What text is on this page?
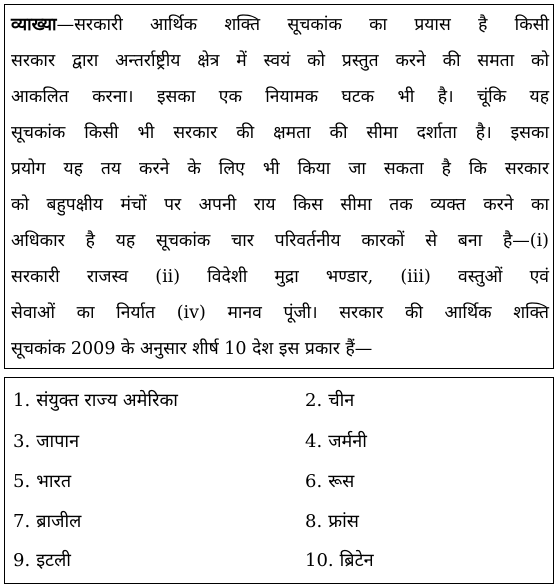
व्याख्या—सरकारी आर्थिक शक्ति सूचकांक का प्रयास है किसी
सरकार द्वारा अन्तर्राष्ट्रीय क्षेत्र में स्वयं को प्रस्तुत करने की समता को
आकलित करना। इसका एक नियामक घटक भी है। चूंकि यह
सूचकांक किसी भी सरकार की क्षमता की सीमा दर्शाता है। इसका
प्रयोग यह तय करने के लिए भी किया जा सकता है कि सरकार
को बहुपक्षीय मंचों पर अपनी राय किस सीमा तक व्यक्त करने का
अधिकार है यह सूचकांक चार परिवर्तनीय कारकों से बना है—(i)
सरकारी राजस्व (ii) विदेशी मुद्रा भण्डार, (iii) वस्तुओं एवं
सेवाओं का निर्यात (iv) मानव पूंजी। सरकार की आर्थिक शक्ति
सूचकांक 2009 के अनुसार शीर्ष 10 देश इस प्रकार हैं—
1. संयुक्त राज्य अमेरिका	2. चीन
3. जापान	4. जर्मनी
5. भारत	6. रूस
7. ब्राजील	8. फ्रांस
9. इटली	10. ब्रिटेन
